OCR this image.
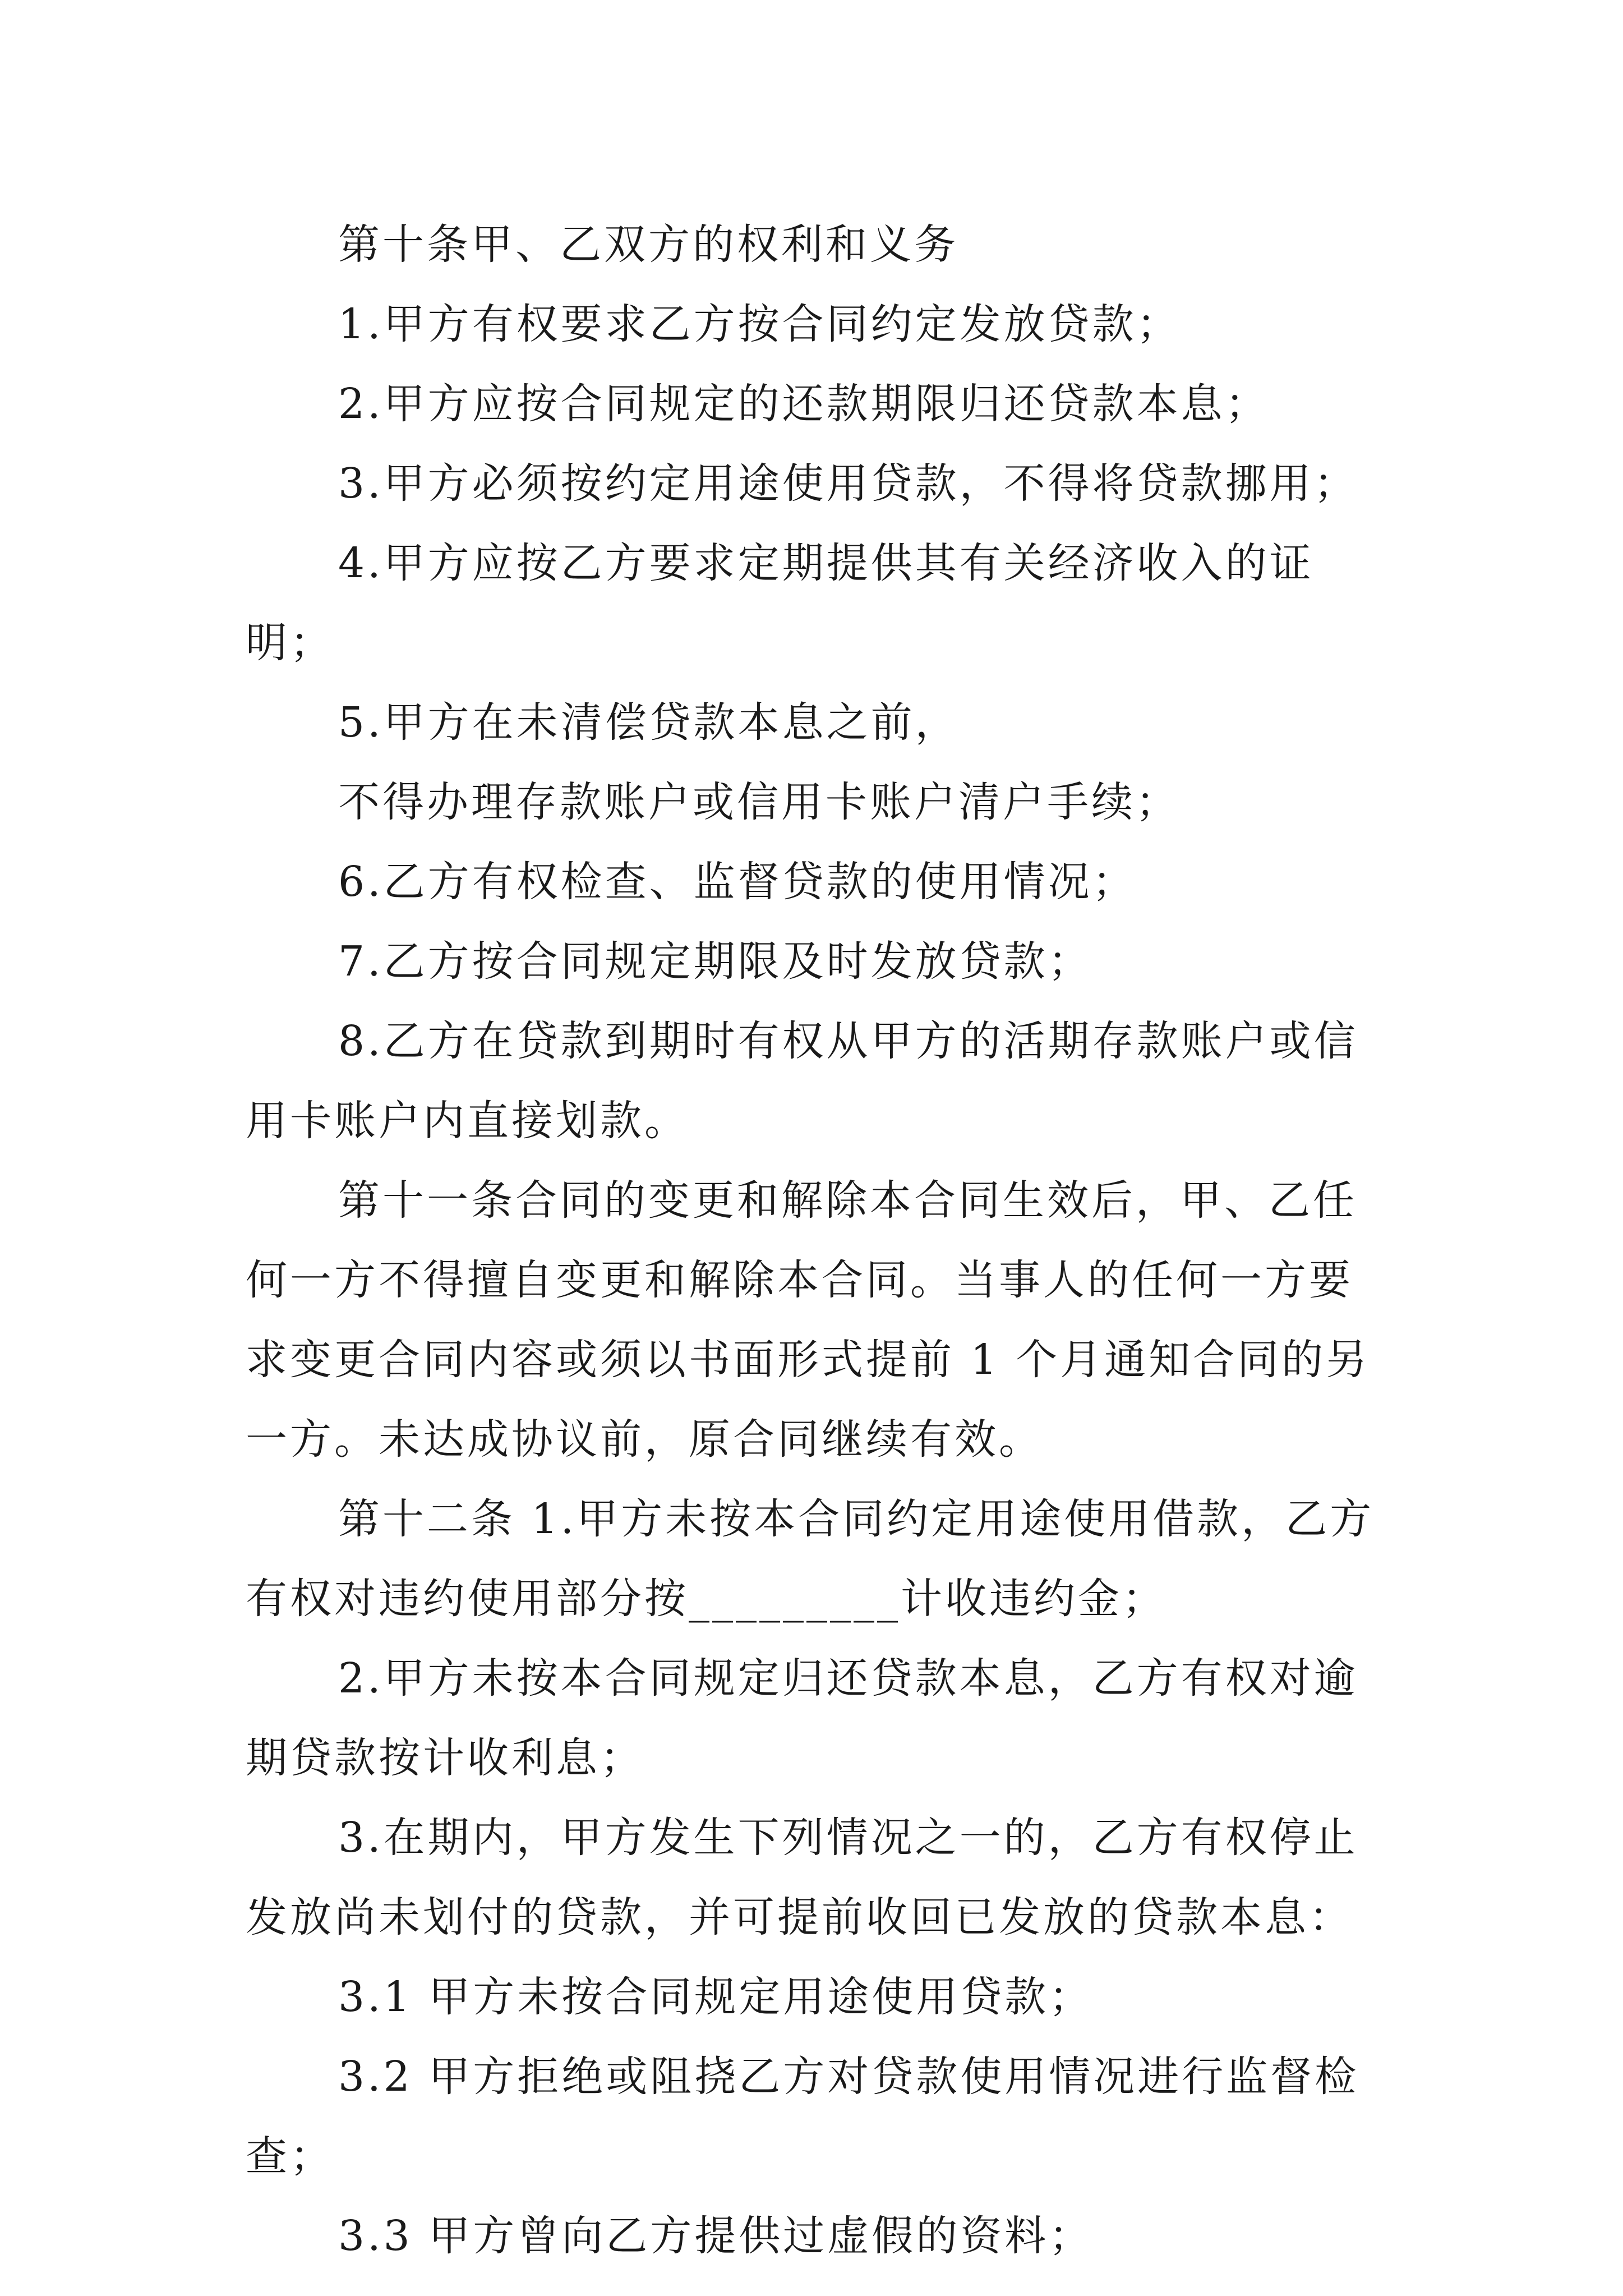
第十条甲、乙双方的权利和义务

1.甲方有权要求乙方按合同约定发放贷款；

2.甲方应按合同规定的还款期限归还贷款本息；

3.甲方必须按约定用途使用贷款，不得将贷款挪用；

4.甲方应按乙方要求定期提供其有关经济收入的证明；

5.甲方在未清偿贷款本息之前，

不得办理存款账户或信用卡账户清户手续；

6.乙方有权检查、监督贷款的使用情况；

7.乙方按合同规定期限及时发放贷款；

8.乙方在贷款到期时有权从甲方的活期存款账户或信用卡账户内直接划款。

第十一条合同的变更和解除本合同生效后，甲、乙任何一方不得擅自变更和解除本合同。当事人的任何一方要求变更合同内容或须以书面形式提前 1 个月通知合同的另一方。未达成协议前，原合同继续有效。

第十二条 1.甲方未按本合同约定用途使用借款，乙方有权对违约使用部分按_________计收违约金；

2.甲方未按本合同规定归还贷款本息，乙方有权对逾期贷款按计收利息；

3.在期内，甲方发生下列情况之一的，乙方有权停止发放尚未划付的贷款，并可提前收回已发放的贷款本息：

3.1 甲方未按合同规定用途使用贷款；

3.2 甲方拒绝或阻挠乙方对贷款使用情况进行监督检查；

3.3 甲方曾向乙方提供过虚假的资料；
